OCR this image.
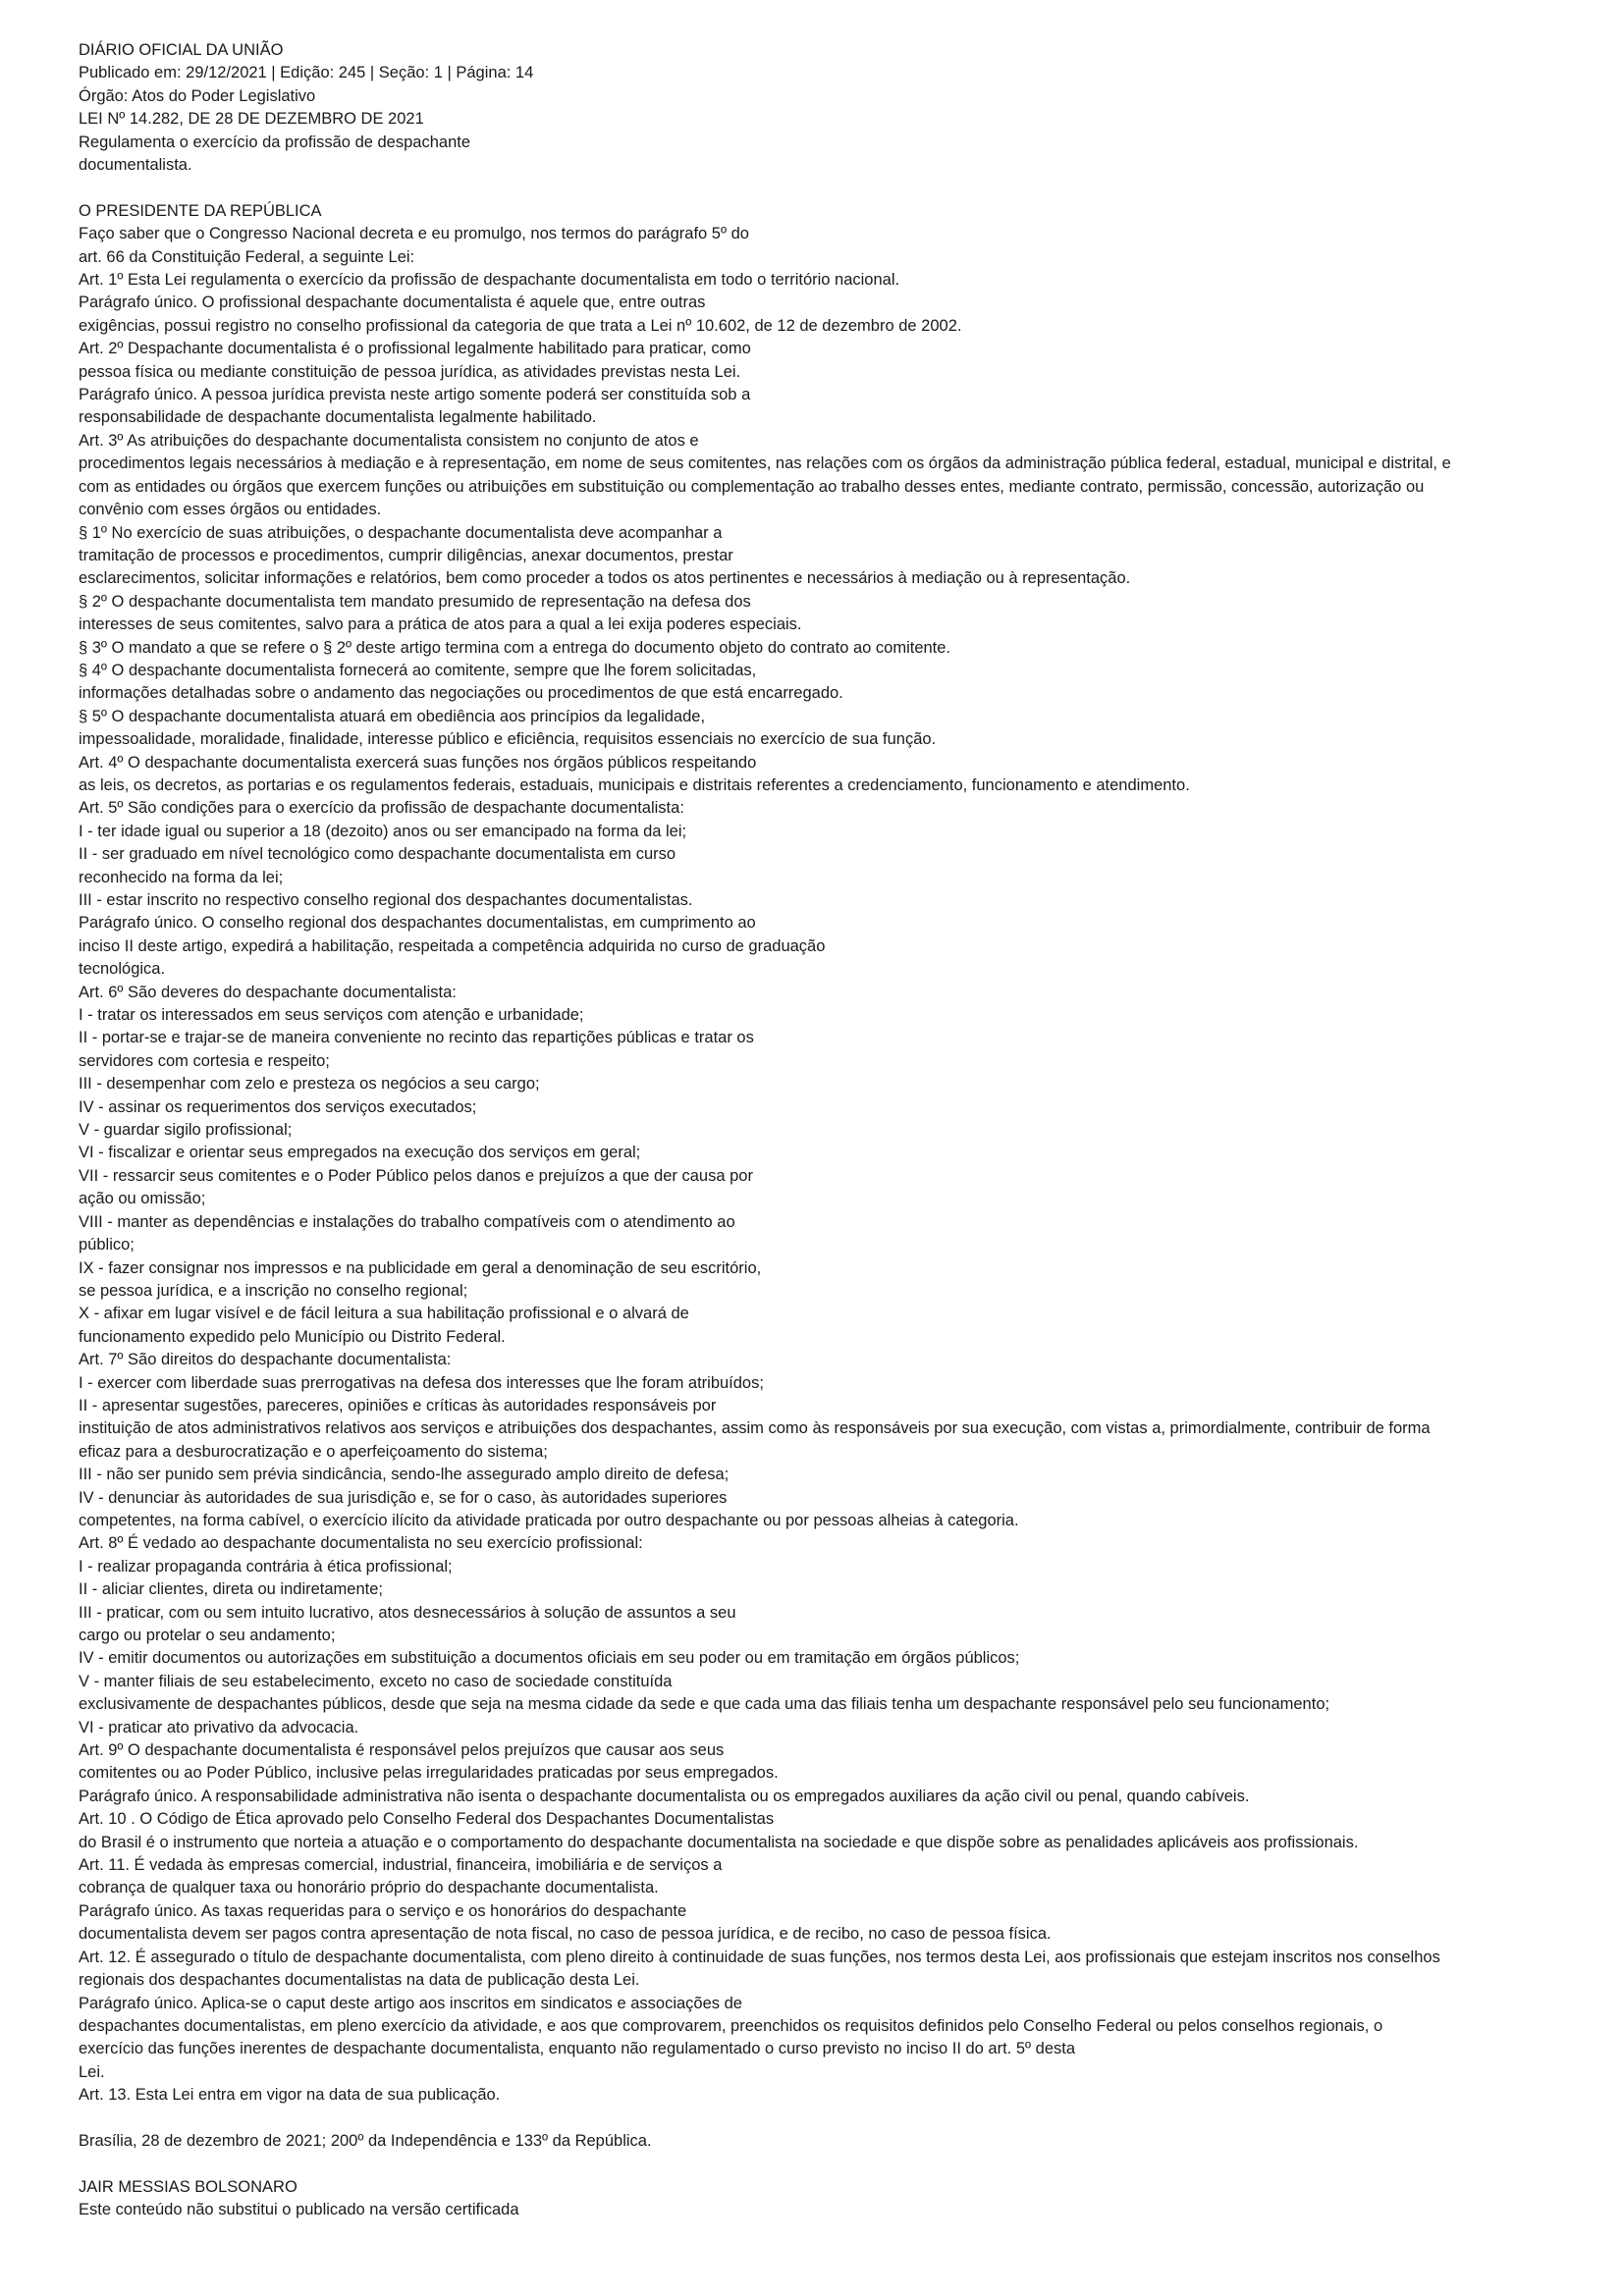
DIÁRIO OFICIAL DA UNIÃO
Publicado em: 29/12/2021 | Edição: 245 | Seção: 1 | Página: 14
Órgão: Atos do Poder Legislativo
LEI Nº 14.282, DE 28 DE DEZEMBRO DE 2021
Regulamenta o exercício da profissão de despachante
documentalista.
O PRESIDENTE DA REPÚBLICA
Faço saber que o Congresso Nacional decreta e eu promulgo, nos termos do parágrafo 5º do
art. 66 da Constituição Federal, a seguinte Lei:
Art. 1º Esta Lei regulamenta o exercício da profissão de despachante documentalista em todo o território nacional.
Parágrafo único. O profissional despachante documentalista é aquele que, entre outras
exigências, possui registro no conselho profissional da categoria de que trata a Lei nº 10.602, de 12 de dezembro de 2002.
Art. 2º Despachante documentalista é o profissional legalmente habilitado para praticar, como
pessoa física ou mediante constituição de pessoa jurídica, as atividades previstas nesta Lei.
Parágrafo único. A pessoa jurídica prevista neste artigo somente poderá ser constituída sob a
responsabilidade de despachante documentalista legalmente habilitado.
Art. 3º As atribuições do despachante documentalista consistem no conjunto de atos e
procedimentos legais necessários à mediação e à representação, em nome de seus comitentes, nas relações com os órgãos da administração pública federal, estadual, municipal e distrital, e
com as entidades ou órgãos que exercem funções ou atribuições em substituição ou complementação ao trabalho desses entes, mediante contrato, permissão, concessão, autorização ou
convênio com esses órgãos ou entidades.
§ 1º No exercício de suas atribuições, o despachante documentalista deve acompanhar a
tramitação de processos e procedimentos, cumprir diligências, anexar documentos, prestar
esclarecimentos, solicitar informações e relatórios, bem como proceder a todos os atos pertinentes e necessários à mediação ou à representação.
§ 2º O despachante documentalista tem mandato presumido de representação na defesa dos
interesses de seus comitentes, salvo para a prática de atos para a qual a lei exija poderes especiais.
§ 3º O mandato a que se refere o § 2º deste artigo termina com a entrega do documento objeto do contrato ao comitente.
§ 4º O despachante documentalista fornecerá ao comitente, sempre que lhe forem solicitadas,
informações detalhadas sobre o andamento das negociações ou procedimentos de que está encarregado.
§ 5º O despachante documentalista atuará em obediência aos princípios da legalidade,
impessoalidade, moralidade, finalidade, interesse público e eficiência, requisitos essenciais no exercício de sua função.
Art. 4º O despachante documentalista exercerá suas funções nos órgãos públicos respeitando
as leis, os decretos, as portarias e os regulamentos federais, estaduais, municipais e distritais referentes a credenciamento, funcionamento e atendimento.
Art. 5º São condições para o exercício da profissão de despachante documentalista:
I - ter idade igual ou superior a 18 (dezoito) anos ou ser emancipado na forma da lei;
II - ser graduado em nível tecnológico como despachante documentalista em curso
reconhecido na forma da lei;
III - estar inscrito no respectivo conselho regional dos despachantes documentalistas.
Parágrafo único. O conselho regional dos despachantes documentalistas, em cumprimento ao
inciso II deste artigo, expedirá a habilitação, respeitada a competência adquirida no curso de graduação
tecnológica.
Art. 6º São deveres do despachante documentalista:
I - tratar os interessados em seus serviços com atenção e urbanidade;
II - portar-se e trajar-se de maneira conveniente no recinto das repartições públicas e tratar os
servidores com cortesia e respeito;
III - desempenhar com zelo e presteza os negócios a seu cargo;
IV - assinar os requerimentos dos serviços executados;
V - guardar sigilo profissional;
VI - fiscalizar e orientar seus empregados na execução dos serviços em geral;
VII - ressarcir seus comitentes e o Poder Público pelos danos e prejuízos a que der causa por
ação ou omissão;
VIII - manter as dependências e instalações do trabalho compatíveis com o atendimento ao
público;
IX - fazer consignar nos impressos e na publicidade em geral a denominação de seu escritório,
se pessoa jurídica, e a inscrição no conselho regional;
X - afixar em lugar visível e de fácil leitura a sua habilitação profissional e o alvará de
funcionamento expedido pelo Município ou Distrito Federal.
Art. 7º São direitos do despachante documentalista:
I - exercer com liberdade suas prerrogativas na defesa dos interesses que lhe foram atribuídos;
II - apresentar sugestões, pareceres, opiniões e críticas às autoridades responsáveis por
instituição de atos administrativos relativos aos serviços e atribuições dos despachantes, assim como às responsáveis por sua execução, com vistas a, primordialmente, contribuir de forma
eficaz para a desburocratização e o aperfeiçoamento do sistema;
III - não ser punido sem prévia sindicância, sendo-lhe assegurado amplo direito de defesa;
IV - denunciar às autoridades de sua jurisdição e, se for o caso, às autoridades superiores
competentes, na forma cabível, o exercício ilícito da atividade praticada por outro despachante ou por pessoas alheias à categoria.
Art. 8º É vedado ao despachante documentalista no seu exercício profissional:
I - realizar propaganda contrária à ética profissional;
II - aliciar clientes, direta ou indiretamente;
III - praticar, com ou sem intuito lucrativo, atos desnecessários à solução de assuntos a seu
cargo ou protelar o seu andamento;
IV - emitir documentos ou autorizações em substituição a documentos oficiais em seu poder ou em tramitação em órgãos públicos;
V - manter filiais de seu estabelecimento, exceto no caso de sociedade constituída
exclusivamente de despachantes públicos, desde que seja na mesma cidade da sede e que cada uma das filiais tenha um despachante responsável pelo seu funcionamento;
VI - praticar ato privativo da advocacia.
Art. 9º O despachante documentalista é responsável pelos prejuízos que causar aos seus
comitentes ou ao Poder Público, inclusive pelas irregularidades praticadas por seus empregados.
Parágrafo único. A responsabilidade administrativa não isenta o despachante documentalista ou os empregados auxiliares da ação civil ou penal, quando cabíveis.
Art. 10 . O Código de Ética aprovado pelo Conselho Federal dos Despachantes Documentalistas
do Brasil é o instrumento que norteia a atuação e o comportamento do despachante documentalista na sociedade e que dispõe sobre as penalidades aplicáveis aos profissionais.
Art. 11. É vedada às empresas comercial, industrial, financeira, imobiliária e de serviços a
cobrança de qualquer taxa ou honorário próprio do despachante documentalista.
Parágrafo único. As taxas requeridas para o serviço e os honorários do despachante
documentalista devem ser pagos contra apresentação de nota fiscal, no caso de pessoa jurídica, e de recibo, no caso de pessoa física.
Art. 12. É assegurado o título de despachante documentalista, com pleno direito à continuidade de suas funções, nos termos desta Lei, aos profissionais que estejam inscritos nos conselhos
regionais dos despachantes documentalistas na data de publicação desta Lei.
Parágrafo único. Aplica-se o caput deste artigo aos inscritos em sindicatos e associações de
despachantes documentalistas, em pleno exercício da atividade, e aos que comprovarem, preenchidos os requisitos definidos pelo Conselho Federal ou pelos conselhos regionais, o
exercício das funções inerentes de despachante documentalista, enquanto não regulamentado o curso previsto no inciso II do art. 5º desta
Lei.
Art. 13. Esta Lei entra em vigor na data de sua publicação.
Brasília, 28 de dezembro de 2021; 200º da Independência e 133º da República.
JAIR MESSIAS BOLSONARO
Este conteúdo não substitui o publicado na versão certificada
